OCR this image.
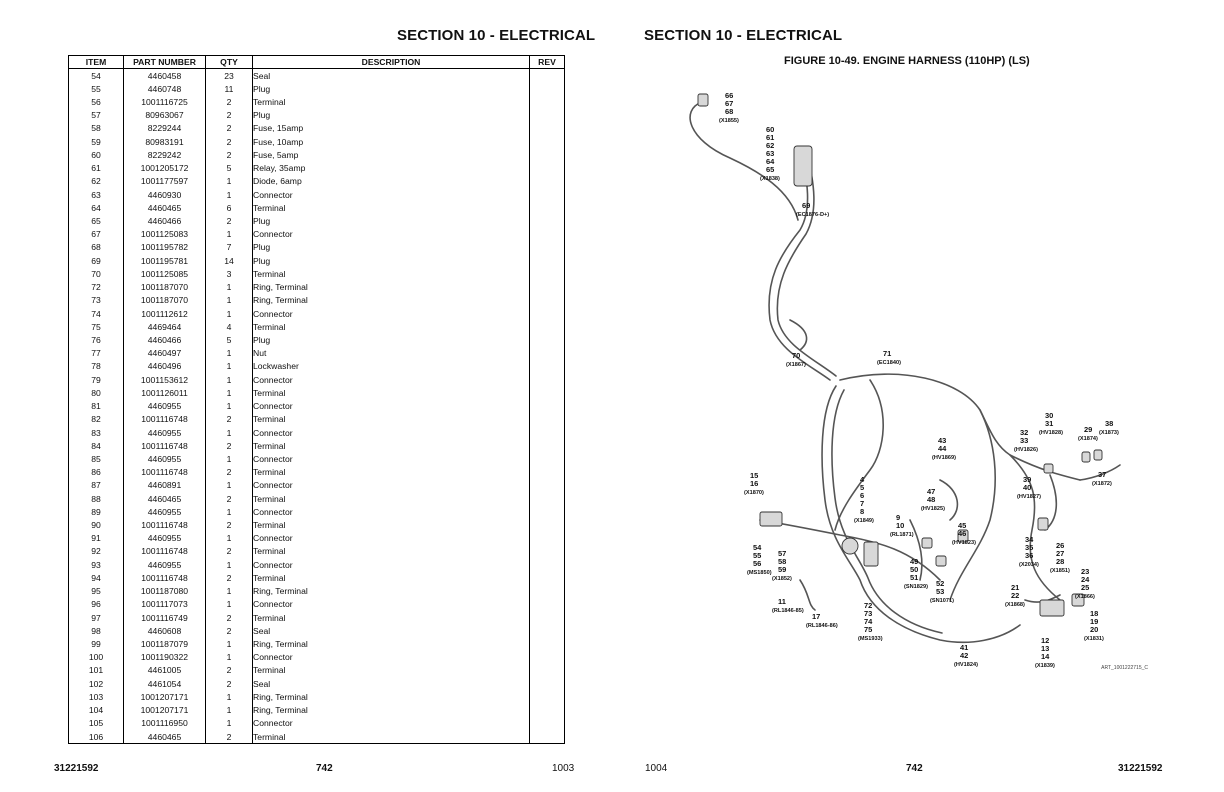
SECTION 10 - ELECTRICAL
ITEM	PART NUMBER	QTY	DESCRIPTION	REV
54	4460458	23	Seal	
55	4460748	11	Plug	
56	1001116725	2	Terminal	
57	80963067	2	Plug	
58	8229244	2	Fuse, 15amp	
59	80983191	2	Fuse, 10amp	
60	8229242	2	Fuse, 5amp	
61	1001205172	5	Relay, 35amp	
62	1001177597	1	Diode, 6amp	
63	4460930	1	Connector	
64	4460465	6	Terminal	
65	4460466	2	Plug	
67	1001125083	1	Connector	
68	1001195782	7	Plug	
69	1001195781	14	Plug	
70	1001125085	3	Terminal	
72	1001187070	1	Ring, Terminal	
73	1001187070	1	Ring, Terminal	
74	1001112612	1	Connector	
75	4469464	4	Terminal	
76	4460466	5	Plug	
77	4460497	1	Nut	
78	4460496	1	Lockwasher	
79	1001153612	1	Connector	
80	1001126011	1	Terminal	
81	4460955	1	Connector	
82	1001116748	2	Terminal	
83	4460955	1	Connector	
84	1001116748	2	Terminal	
85	4460955	1	Connector	
86	1001116748	2	Terminal	
87	4460891	1	Connector	
88	4460465	2	Terminal	
89	4460955	1	Connector	
90	1001116748	2	Terminal	
91	4460955	1	Connector	
92	1001116748	2	Terminal	
93	4460955	1	Connector	
94	1001116748	2	Terminal	
95	1001187080	1	Ring, Terminal	
96	1001117073	1	Connector	
97	1001116749	2	Terminal	
98	4460608	2	Seal	
99	1001187079	1	Ring, Terminal	
100	1001190322	1	Connector	
101	4461005	2	Terminal	
102	4461054	2	Seal	
103	1001207171	1	Ring, Terminal	
104	1001207171	1	Ring, Terminal	
105	1001116950	1	Connector	
106	4460465	2	Terminal	
31221592	742	1003
SECTION 10 - ELECTRICAL
FIGURE 10-49. ENGINE HARNESS (110HP) (LS)
66
67
68
(X1855)
60
61
62
63
64
65
(X1838)
69
(EC1876-D+)
70
(X1867)
71
(EC1840)
43
44
(HV1869)
30
31
(HV1828)
32
33
(HV1826)
29
(X1874)
38
(X1873)
37
(X1872)
39
40
(HV1827)
15
16
(X1870)
4
5
6
7
8
(X1849)	9
10
(RL1871)
47
48
(HV1825)
45
46
(HV1823)	34
35
36
(X2034)
26
27
28
(X1851)
54
55
56
(MS1850)
57
58
59
(X1852)
49
50
51
(SN1829) 52
53
(SN1071)
23
24
25
(X1866)
21
22
(X1868)
11
(RL1846-85)
17
(RL1846-86)
72
73
74
75
(MS1933)
18
19
20
(X1831)
12
13
14
(X1839)
41
42
(HV1824)	ART_1001222715_C
1004	742	31221592
